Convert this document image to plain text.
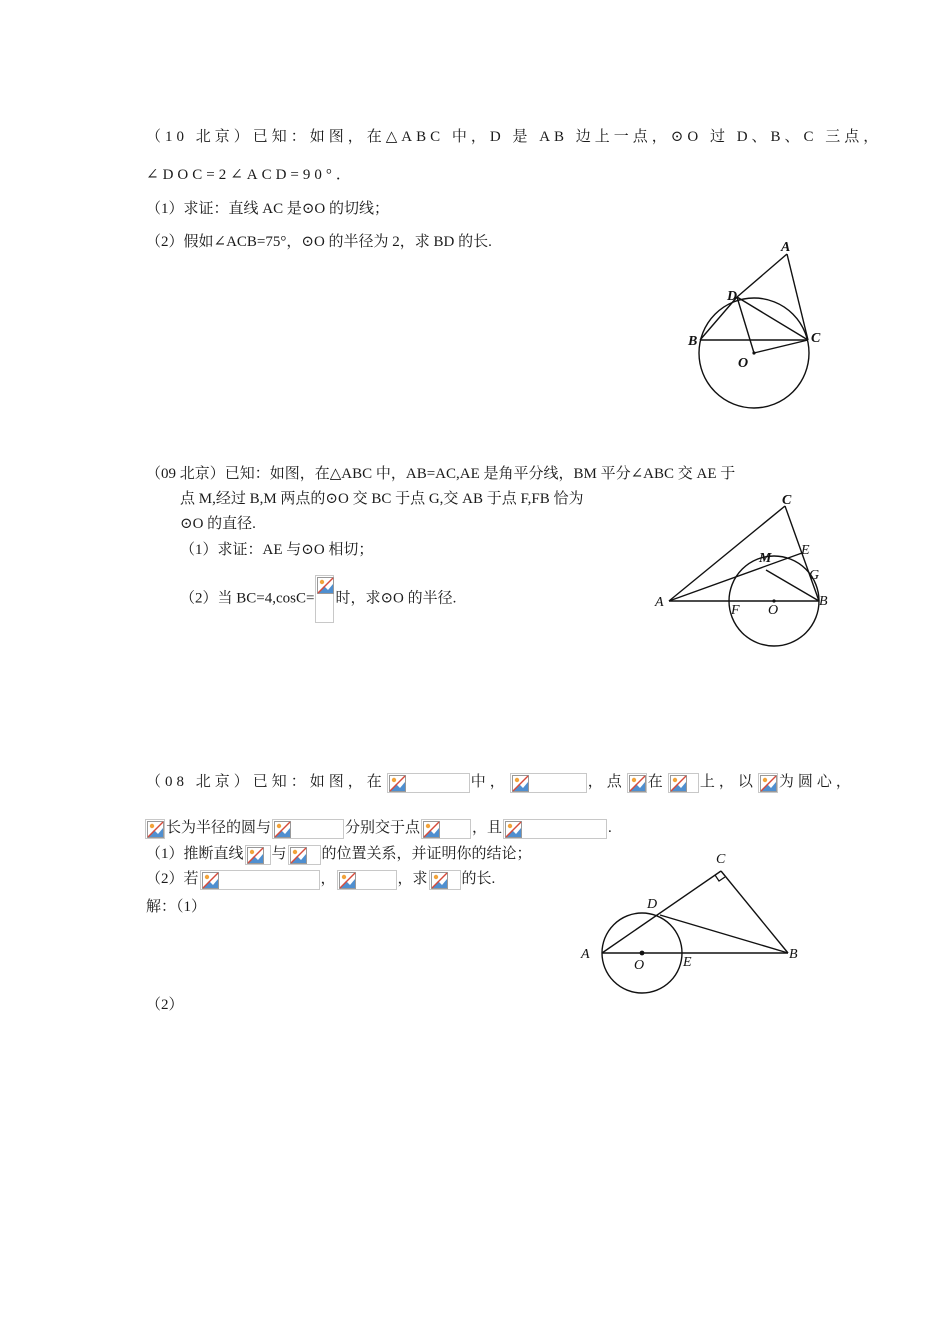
（10 北京）已知：如图，在△ABC 中，D 是 AB 边上一点，⊙O 过 D、B、C 三点，
∠DOC=2∠ACD=90°．
（1）求证：直线 AC 是⊙O 的切线；
（2）假如∠ACB=75°，⊙O 的半径为 2，求 BD 的长.	A
D
B	C
O
（09 北京）已知：如图，在△ABC 中，AB=AC,AE 是角平分线，BM 平分∠ABC 交 AE 于
点 M,经过 B,M 两点的⊙O 交 BC 于点 G,交 AB 于点 F,FB 恰为
⊙O 的直径.
（1）求证：AE 与⊙O 相切；
（2）当 BC=4,cosC= 时，求⊙O 的半径.
C
M
E
G
A
F O
B
（08 北京）已知：如图，在	中，	，点 在 上，以 为圆心，
长为半径的圆与	分别交于点	，且	.
（1）推断直线 与 的位置关系，并证明你的结论；
（2）若	，	，求 的长.
解：（1）
（2）
C
D
A
O	E
B
